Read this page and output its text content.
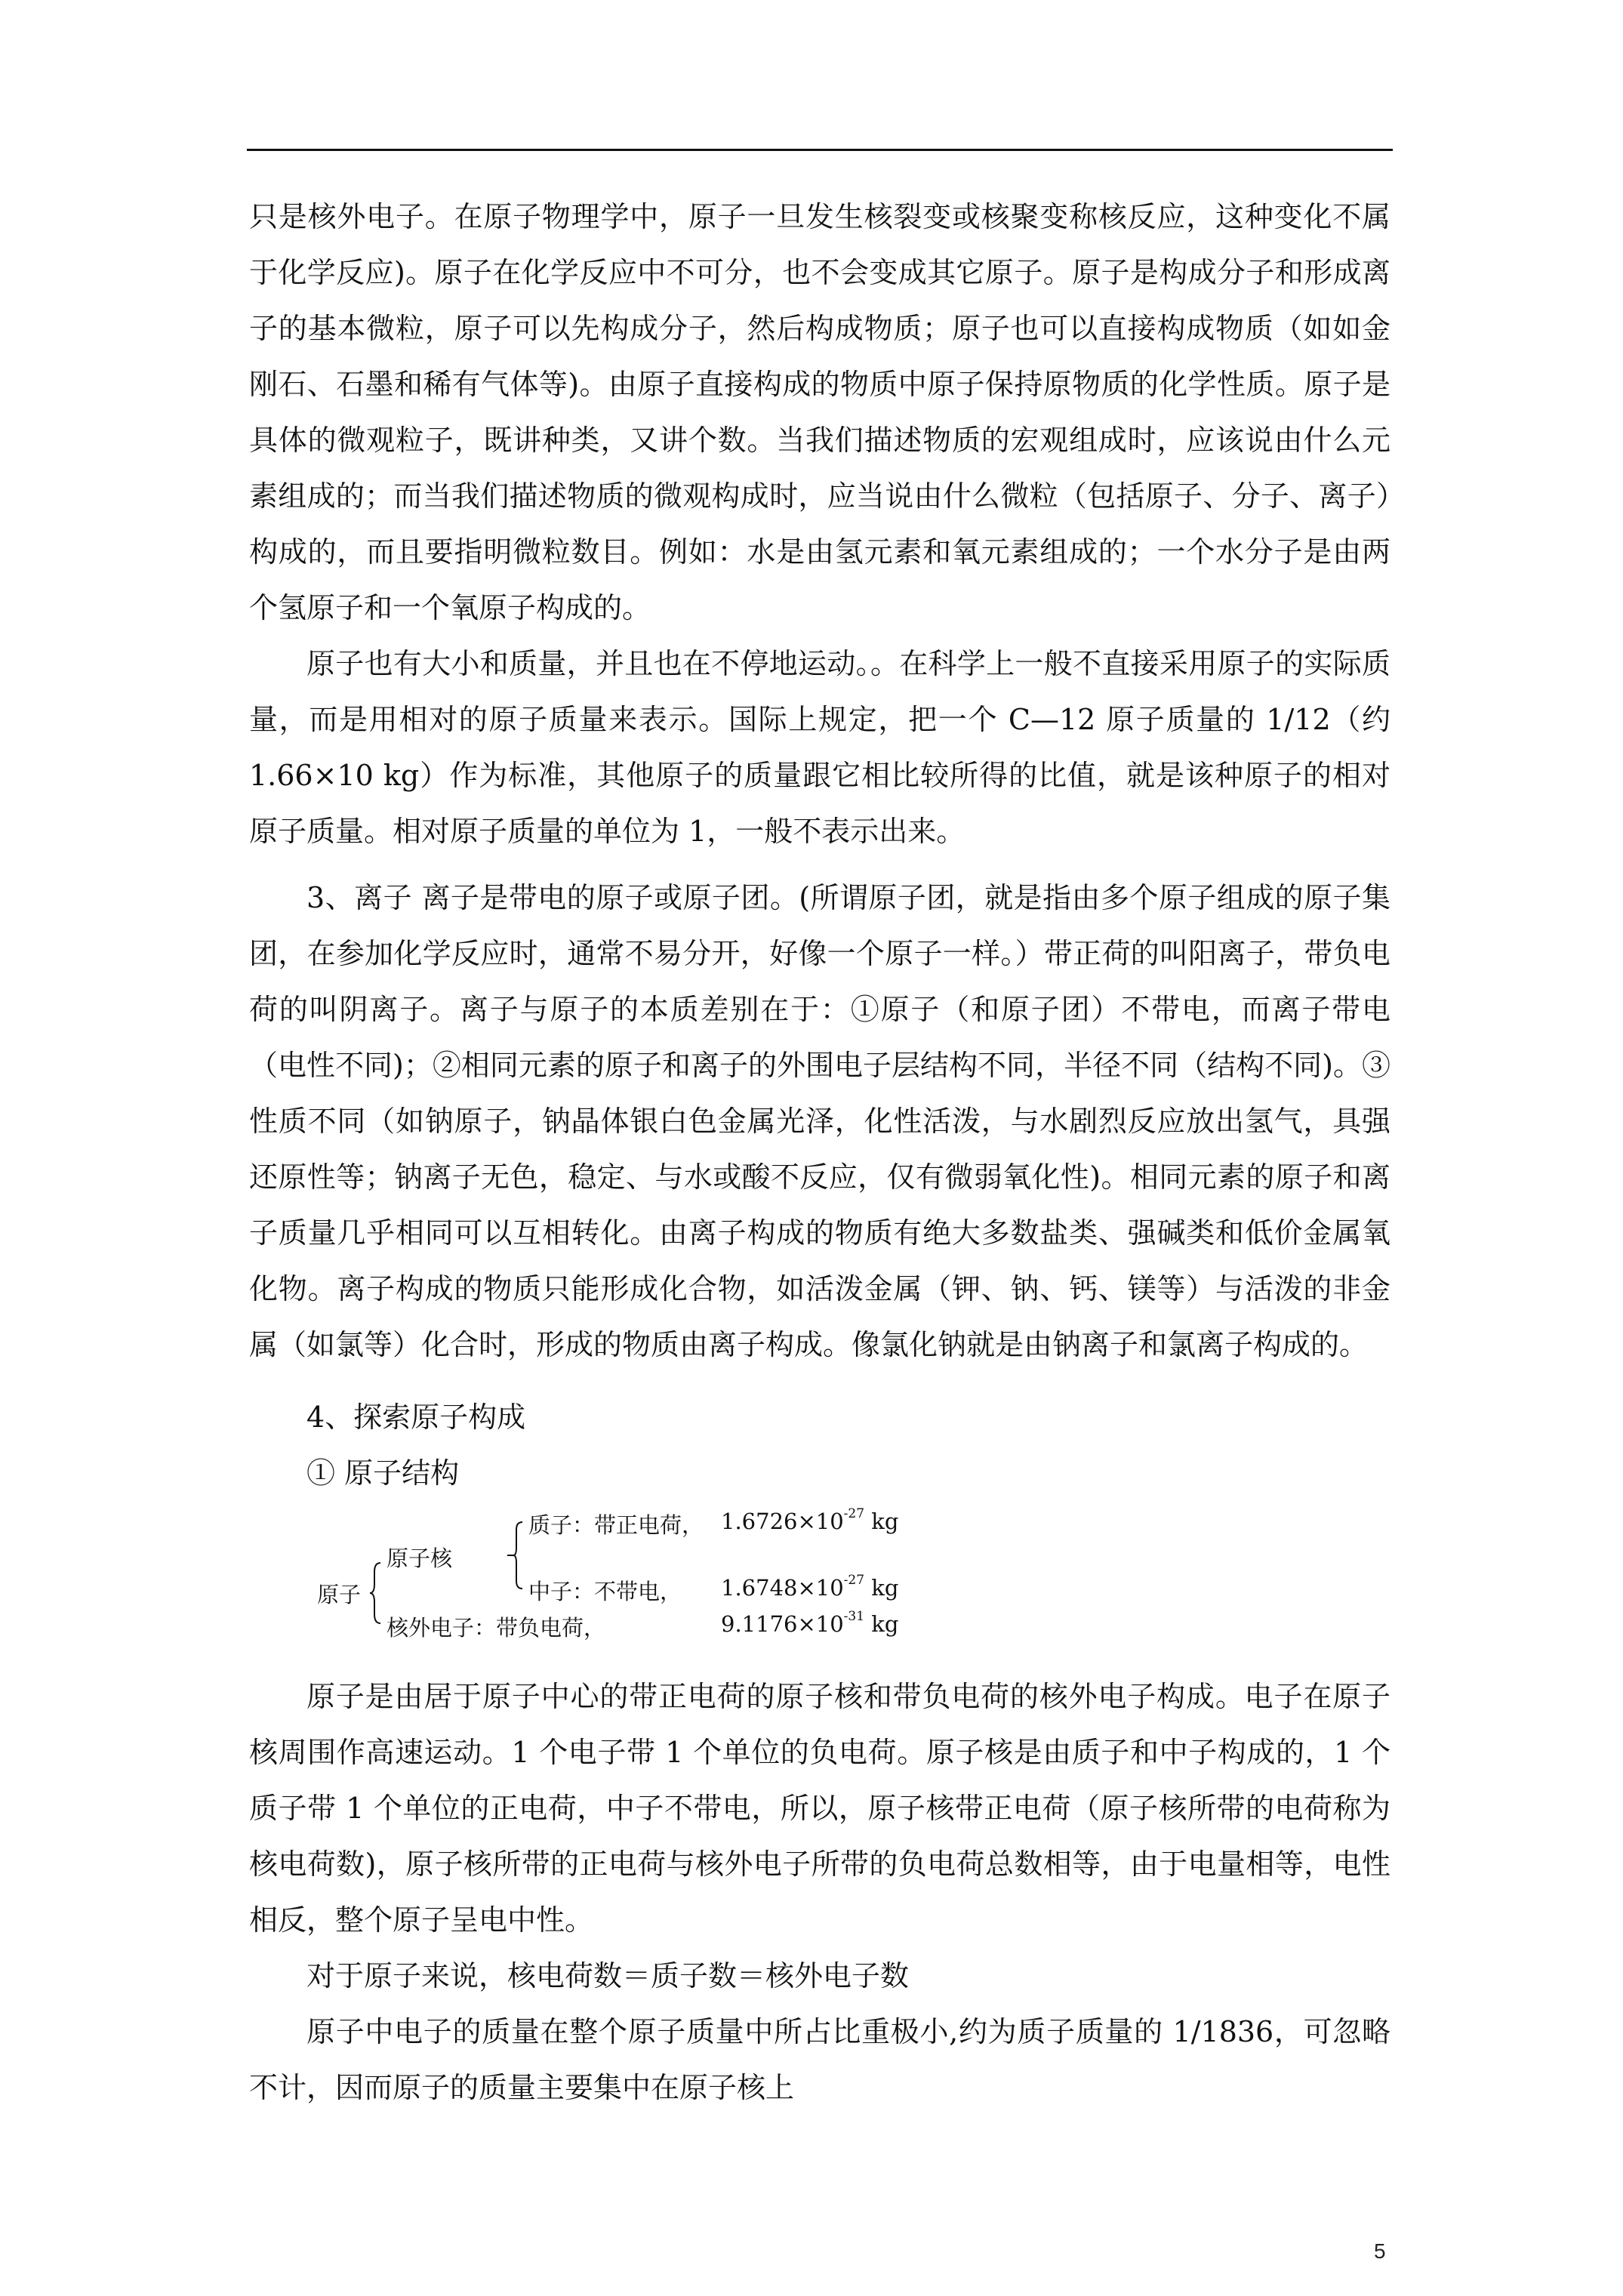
只是核外电子。在原子物理学中，原子一旦发生核裂变或核聚变称核反应，这种变化不属于化学反应)。原子在化学反应中不可分，也不会变成其它原子。原子是构成分子和形成离子的基本微粒，原子可以先构成分子，然后构成物质；原子也可以直接构成物质（如如金刚石、石墨和稀有气体等)。由原子直接构成的物质中原子保持原物质的化学性质。原子是具体的微观粒子，既讲种类，又讲个数。当我们描述物质的宏观组成时，应该说由什么元素组成的；而当我们描述物质的微观构成时，应当说由什么微粒（包括原子、分子、离子）构成的，而且要指明微粒数目。例如：水是由氢元素和氧元素组成的；一个水分子是由两个氢原子和一个氧原子构成的。

原子也有大小和质量，并且也在不停地运动。。在科学上一般不直接采用原子的实际质量，而是用相对的原子质量来表示。国际上规定，把一个 C—12 原子质量的 1/12（约 1.66×10 kg）作为标准，其他原子的质量跟它相比较所得的比值，就是该种原子的相对原子质量。相对原子质量的单位为 1，一般不表示出来。

3、离子 离子是带电的原子或原子团。(所谓原子团，就是指由多个原子组成的原子集团，在参加化学反应时，通常不易分开，好像一个原子一样。）带正荷的叫阳离子，带负电荷的叫阴离子。离子与原子的本质差别在于：①原子（和原子团）不带电，而离子带电（电性不同)；②相同元素的原子和离子的外围电子层结构不同，半径不同（结构不同)。③性质不同（如钠原子，钠晶体银白色金属光泽，化性活泼，与水剧烈反应放出氢气，具强还原性等；钠离子无色，稳定、与水或酸不反应，仅有微弱氧化性)。相同元素的原子和离子质量几乎相同可以互相转化。由离子构成的物质有绝大多数盐类、强碱类和低价金属氧化物。离子构成的物质只能形成化合物，如活泼金属（钾、钠、钙、镁等）与活泼的非金属（如氯等）化合时，形成的物质由离子构成。像氯化钠就是由钠离子和氯离子构成的。

4、探索原子构成

① 原子结构

原子
原子核
质子：带正电荷， $1.6726\times 10^{-27}$ kg
中子：不带电， $1.6748\times 10^{-27}$ kg
核外电子：带负电荷，	$9.1176\times 10^{-31}$ kg

原子是由居于原子中心的带正电荷的原子核和带负电荷的核外电子构成。电子在原子核周围作高速运动。1 个电子带 1 个单位的负电荷。原子核是由质子和中子构成的，1 个质子带 1 个单位的正电荷，中子不带电，所以，原子核带正电荷（原子核所带的电荷称为核电荷数)，原子核所带的正电荷与核外电子所带的负电荷总数相等，由于电量相等，电性相反，整个原子呈电中性。

对于原子来说，核电荷数＝质子数＝核外电子数

原子中电子的质量在整个原子质量中所占比重极小,约为质子质量的 1/1836，可忽略不计，因而原子的质量主要集中在原子核上

5
